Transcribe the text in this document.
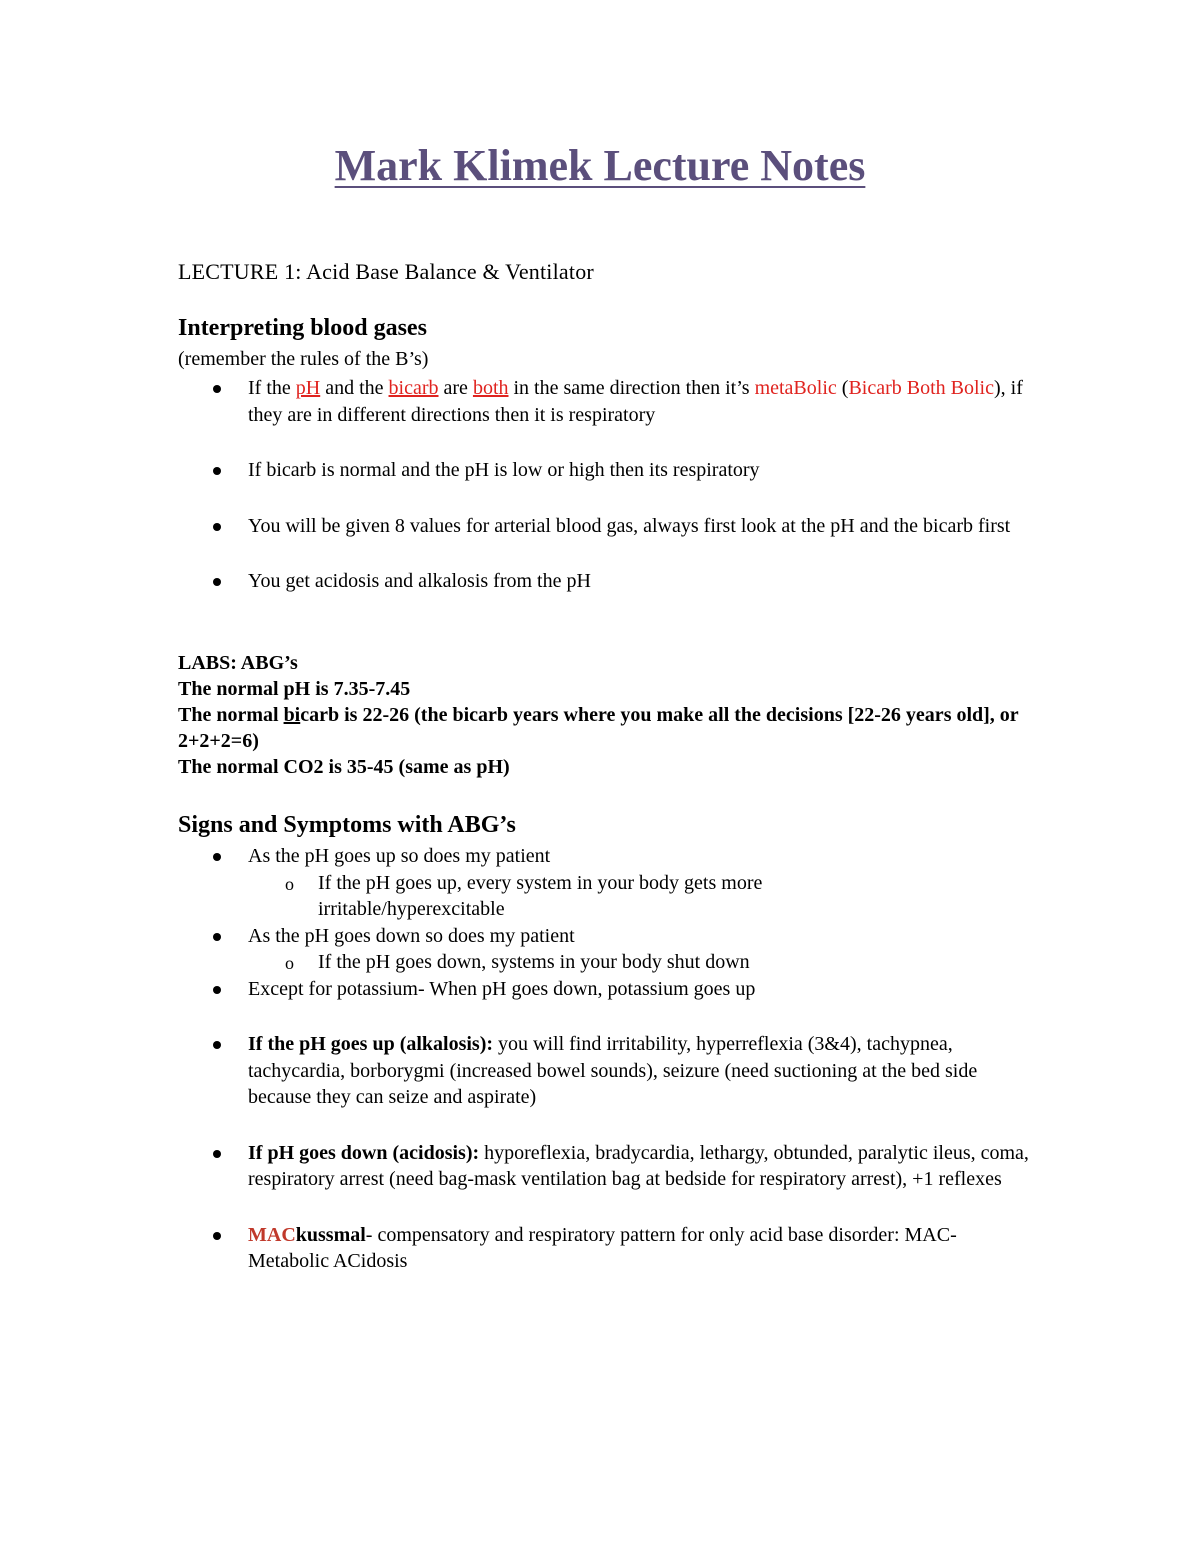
Mark Klimek Lecture Notes
LECTURE 1: Acid Base Balance & Ventilator
Interpreting blood gases
(remember the rules of the B’s)
If the pH and the bicarb are both in the same direction then it’s metaBolic (Bicarb Both Bolic), if they are in different directions then it is respiratory
If bicarb is normal and the pH is low or high then its respiratory
You will be given 8 values for arterial blood gas, always first look at the pH and the bicarb first
You get acidosis and alkalosis from the pH
LABS: ABG’s
The normal pH is 7.35-7.45
The normal bicarb is 22-26 (the bicarb years where you make all the decisions [22-26 years old], or 2+2+2=6)
The normal CO2 is 35-45 (same as pH)
Signs and Symptoms with ABG’s
As the pH goes up so does my patient
o If the pH goes up, every system in your body gets more irritable/hyperexcitable
As the pH goes down so does my patient
o If the pH goes down, systems in your body shut down
Except for potassium- When pH goes down, potassium goes up
If the pH goes up (alkalosis): you will find irritability, hyperreflexia (3&4), tachypnea, tachycardia, borborygmi (increased bowel sounds), seizure (need suctioning at the bed side because they can seize and aspirate)
If pH goes down (acidosis): hyporeflexia, bradycardia, lethargy, obtunded, paralytic ileus, coma, respiratory arrest (need bag-mask ventilation bag at bedside for respiratory arrest), +1 reflexes
MACkussmal- compensatory and respiratory pattern for only acid base disorder: MAC- Metabolic ACidosis
